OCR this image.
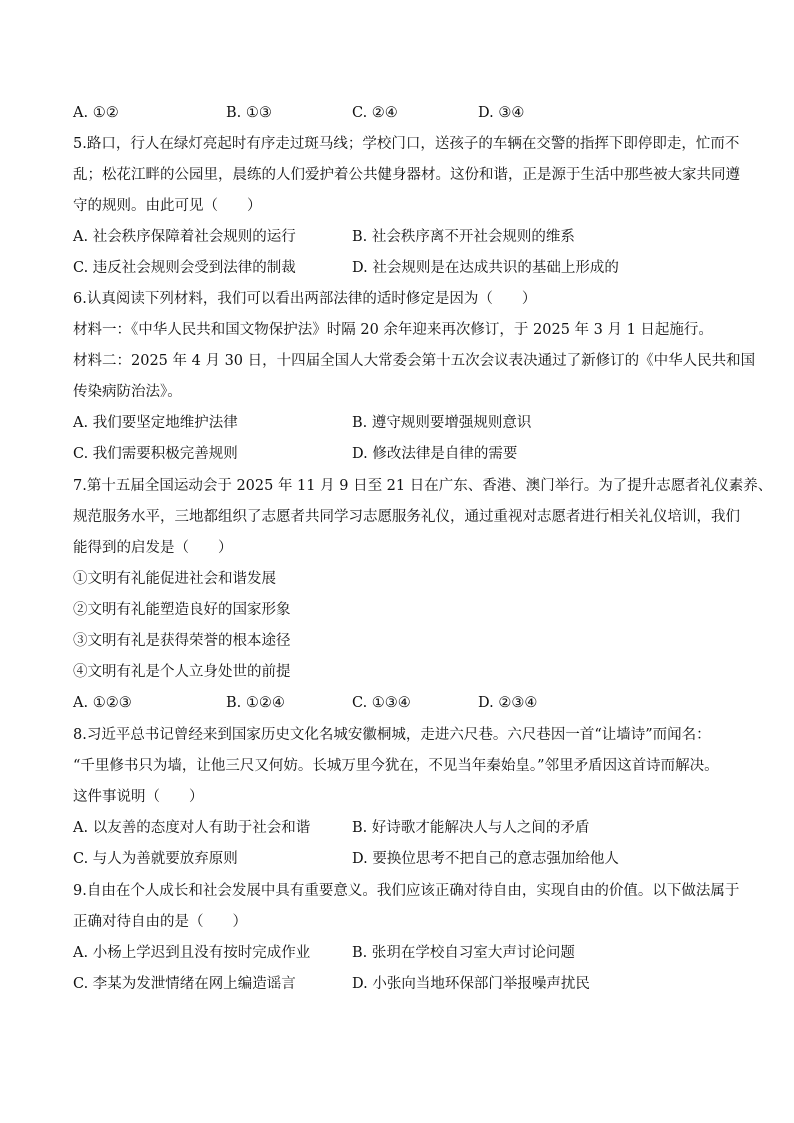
A. ①②	B. ①③	C. ②④	D. ③④
5.路口，行人在绿灯亮起时有序走过斑马线；学校门口，送孩子的车辆在交警的指挥下即停即走，忙而不
乱；松花江畔的公园里，晨练的人们爱护着公共健身器材。这份和谐，正是源于生活中那些被大家共同遵
守的规则。由此可见（　　）
A. 社会秩序保障着社会规则的运行	B. 社会秩序离不开社会规则的维系
C. 违反社会规则会受到法律的制裁	D. 社会规则是在达成共识的基础上形成的
6.认真阅读下列材料，我们可以看出两部法律的适时修定是因为（　　）
材料一：《中华人民共和国文物保护法》时隔 20 余年迎来再次修订，于 2025 年 3 月 1 日起施行。
材料二：2025 年 4 月 30 日，十四届全国人大常委会第十五次会议表决通过了新修订的《中华人民共和国
传染病防治法》。
A. 我们要坚定地维护法律	B. 遵守规则要增强规则意识
C. 我们需要积极完善规则	D. 修改法律是自律的需要
7.第十五届全国运动会于 2025 年 11 月 9 日至 21 日在广东、香港、澳门举行。为了提升志愿者礼仪素养、
规范服务水平，三地都组织了志愿者共同学习志愿服务礼仪，通过重视对志愿者进行相关礼仪培训，我们
能得到的启发是（　　）
①文明有礼能促进社会和谐发展
②文明有礼能塑造良好的国家形象
③文明有礼是获得荣誉的根本途径
④文明有礼是个人立身处世的前提
A. ①②③	B. ①②④	C. ①③④	D. ②③④
8.习近平总书记曾经来到国家历史文化名城安徽桐城，走进六尺巷。六尺巷因一首“让墙诗”而闻名：
“千里修书只为墙，让他三尺又何妨。长城万里今犹在，不见当年秦始皇。”邻里矛盾因这首诗而解决。
这件事说明（　　）
A. 以友善的态度对人有助于社会和谐	B. 好诗歌才能解决人与人之间的矛盾
C. 与人为善就要放弃原则	D. 要换位思考不把自己的意志强加给他人
9.自由在个人成长和社会发展中具有重要意义。我们应该正确对待自由，实现自由的价值。以下做法属于
正确对待自由的是（　　）
A. 小杨上学迟到且没有按时完成作业	B. 张玥在学校自习室大声讨论问题
C. 李某为发泄情绪在网上编造谣言	D. 小张向当地环保部门举报噪声扰民
